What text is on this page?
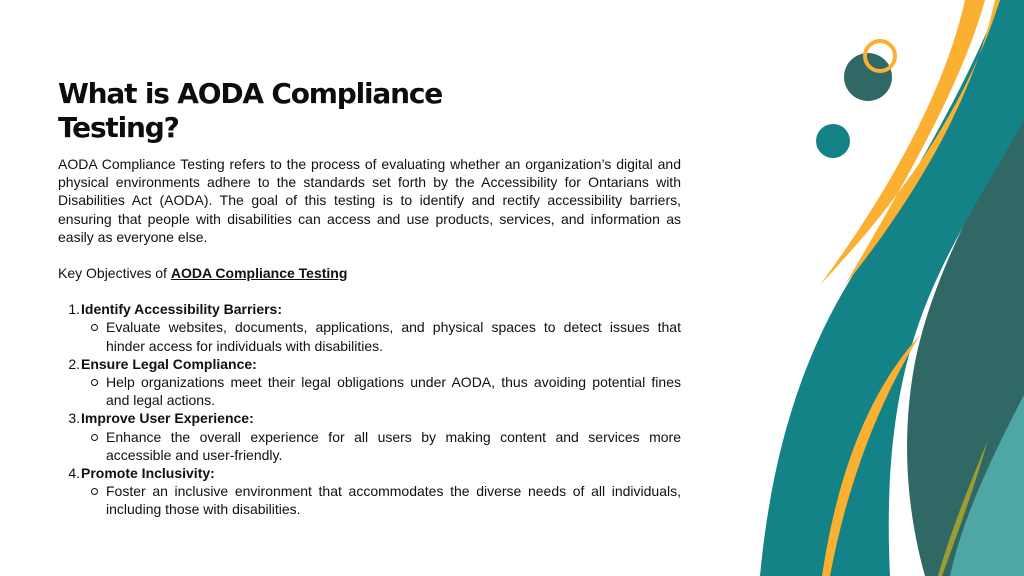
What is AODA Compliance
Testing?

AODA Compliance Testing refers to the process of evaluating whether an organization’s digital and physical environments adhere to the standards set forth by the Accessibility for Ontarians with Disabilities Act (AODA). The goal of this testing is to identify and rectify accessibility barriers, ensuring that people with disabilities can access and use products, services, and information as easily as everyone else.

Key Objectives of AODA Compliance Testing

1. Identify Accessibility Barriers:
Evaluate websites, documents, applications, and physical spaces to detect issues that hinder access for individuals with disabilities.
2. Ensure Legal Compliance:
Help organizations meet their legal obligations under AODA, thus avoiding potential fines and legal actions.
3. Improve User Experience:
Enhance the overall experience for all users by making content and services more accessible and user-friendly.
4. Promote Inclusivity:
Foster an inclusive environment that accommodates the diverse needs of all individuals, including those with disabilities.
